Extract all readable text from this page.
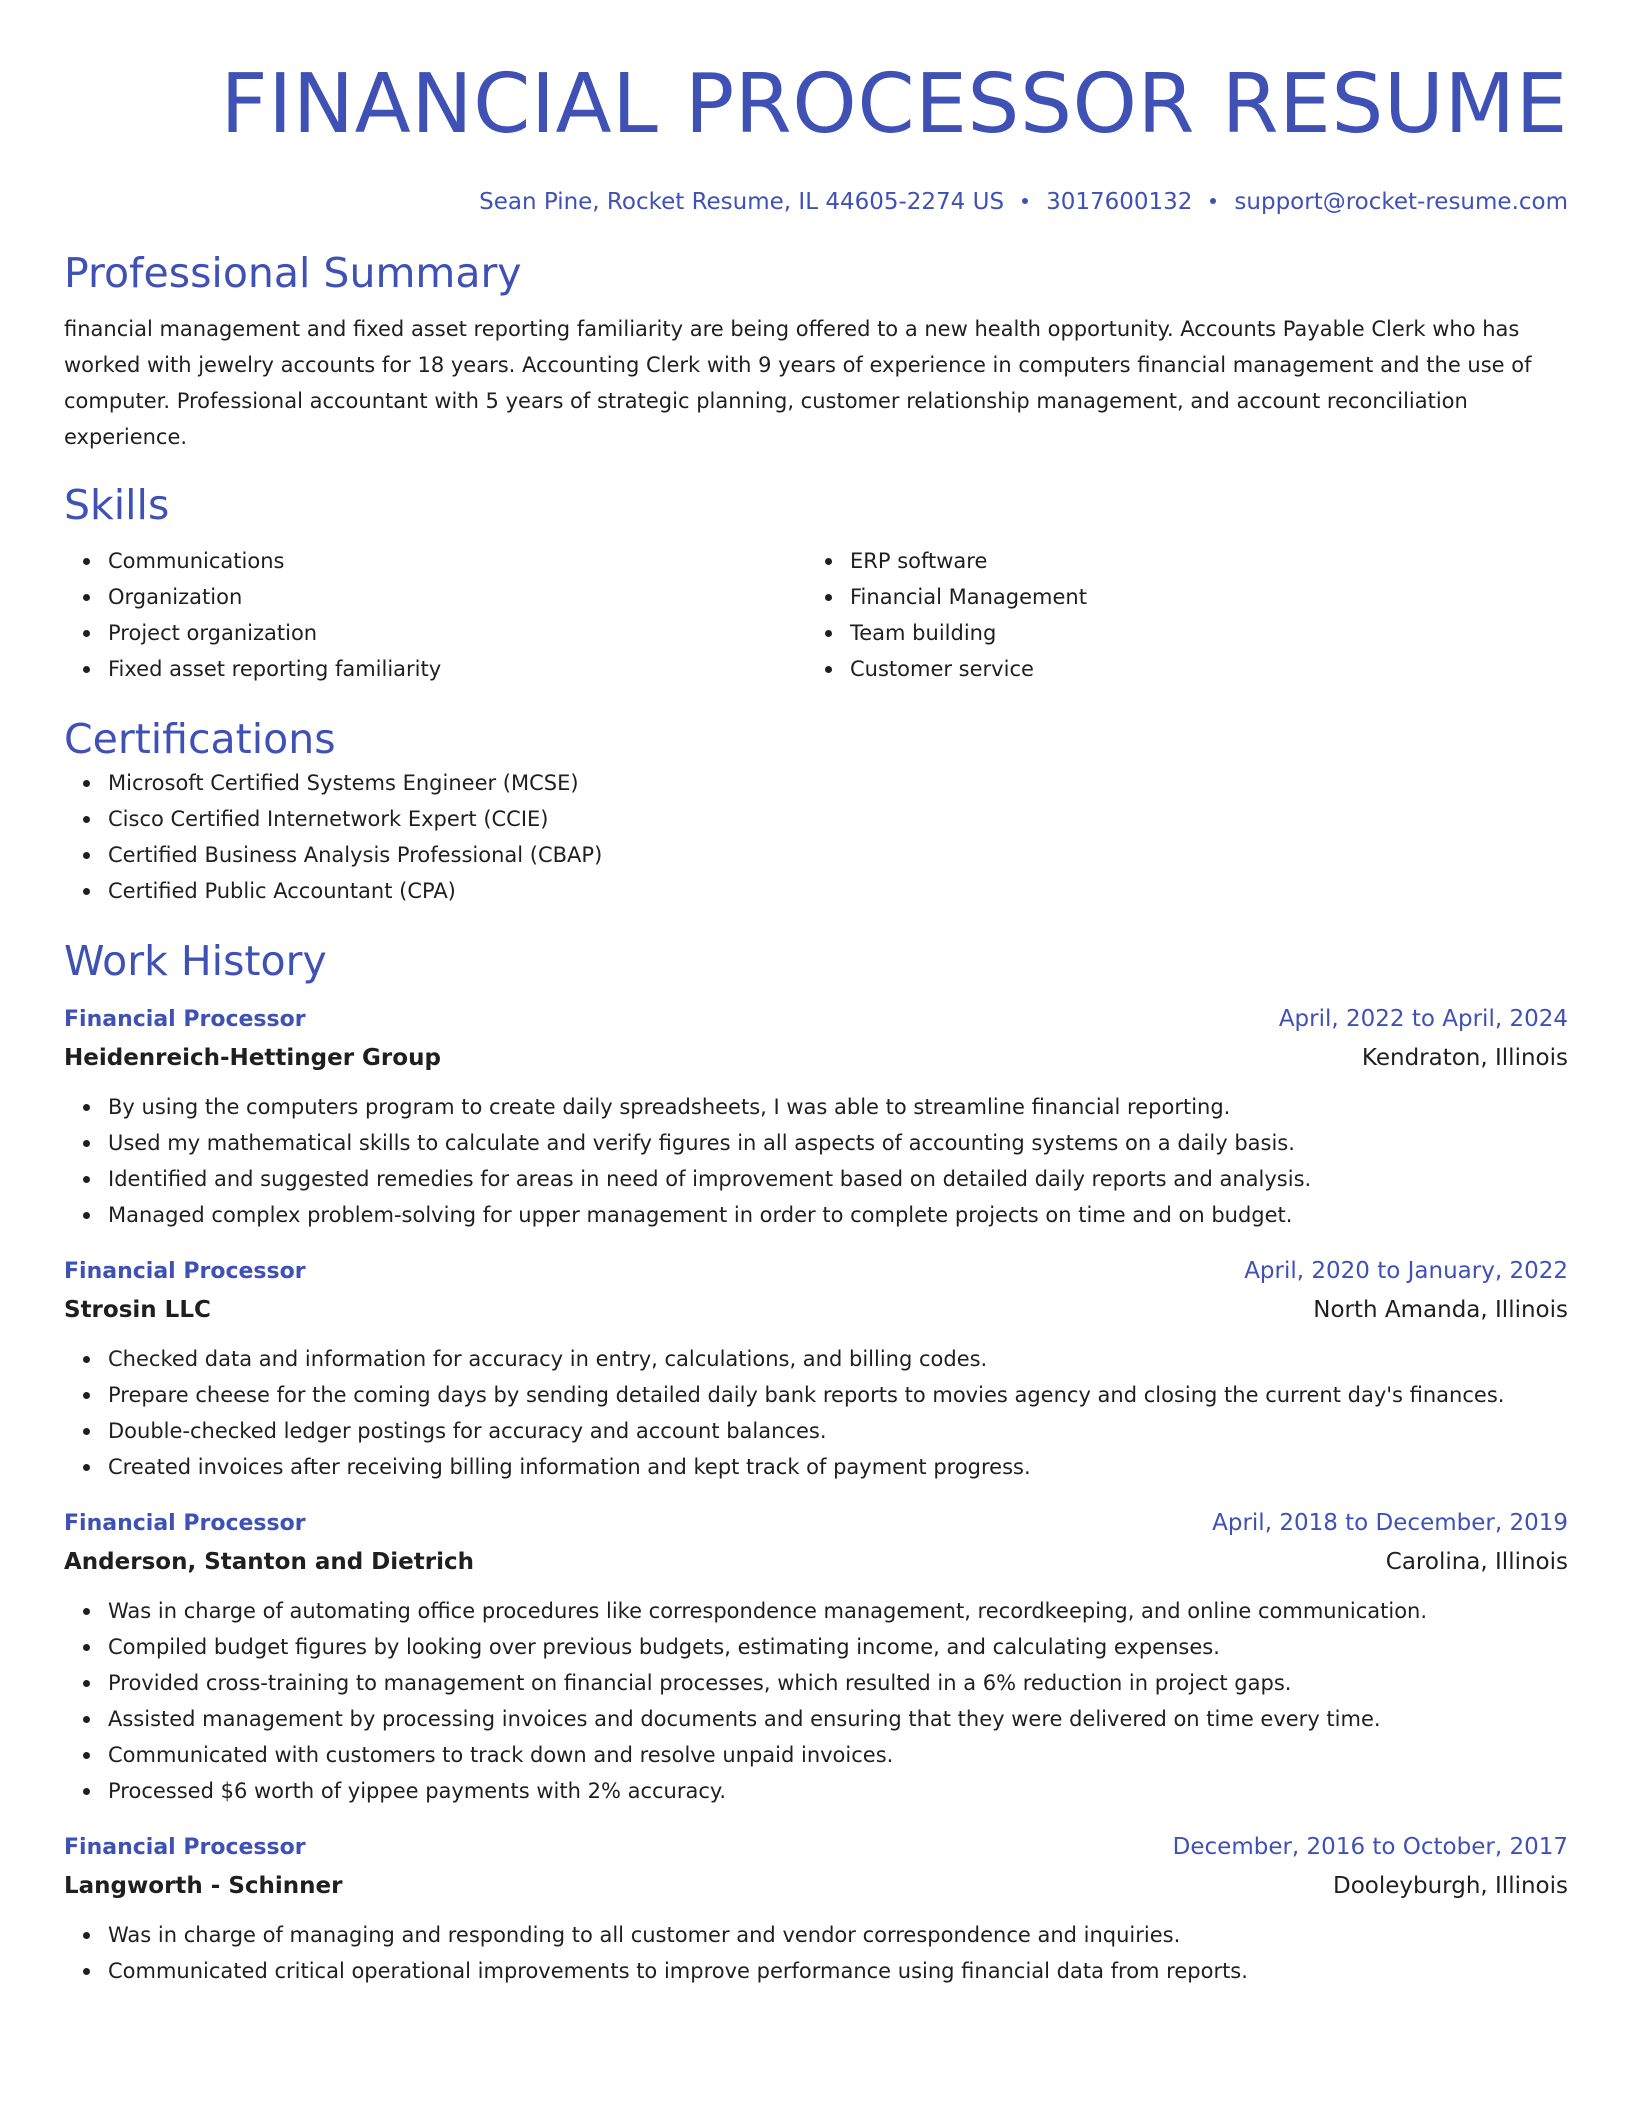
FINANCIAL PROCESSOR RESUME
Sean Pine, Rocket Resume, IL 44605-2274 US 3017600132 support@rocket-resume.com
Professional Summary

financial management and fixed asset reporting familiarity are being offered to a new health opportunity. Accounts Payable Clerk who has worked with jewelry accounts for 18 years. Accounting Clerk with 9 years of experience in computers financial management and the use of computer. Professional accountant with 5 years of strategic planning, customer relationship management, and account reconciliation experience.

Skills
Communications
Organization
Project organization
Fixed asset reporting familiarity
ERP software
Financial Management
Team building
Customer service
Certifications
Microsoft Certified Systems Engineer (MCSE)
Cisco Certified Internetwork Expert (CCIE)
Certified Business Analysis Professional (CBAP)
Certified Public Accountant (CPA)
Work History
Financial Processor	April, 2022 to April, 2024
Heidenreich-Hettinger Group	Kendraton, Illinois
By using the computers program to create daily spreadsheets, I was able to streamline financial reporting.
Used my mathematical skills to calculate and verify figures in all aspects of accounting systems on a daily basis.
Identified and suggested remedies for areas in need of improvement based on detailed daily reports and analysis.
Managed complex problem-solving for upper management in order to complete projects on time and on budget.
Financial Processor	April, 2020 to January, 2022
Strosin LLC	North Amanda, Illinois
Checked data and information for accuracy in entry, calculations, and billing codes.
Prepare cheese for the coming days by sending detailed daily bank reports to movies agency and closing the current day's finances.
Double-checked ledger postings for accuracy and account balances.
Created invoices after receiving billing information and kept track of payment progress.
Financial Processor	April, 2018 to December, 2019
Anderson, Stanton and Dietrich	Carolina, Illinois
Was in charge of automating office procedures like correspondence management, recordkeeping, and online communication.
Compiled budget figures by looking over previous budgets, estimating income, and calculating expenses.
Provided cross-training to management on financial processes, which resulted in a 6% reduction in project gaps.
Assisted management by processing invoices and documents and ensuring that they were delivered on time every time.
Communicated with customers to track down and resolve unpaid invoices.
Processed $6 worth of yippee payments with 2% accuracy.
Financial Processor	December, 2016 to October, 2017
Langworth - Schinner	Dooleyburgh, Illinois
Was in charge of managing and responding to all customer and vendor correspondence and inquiries.
Communicated critical operational improvements to improve performance using financial data from reports.
